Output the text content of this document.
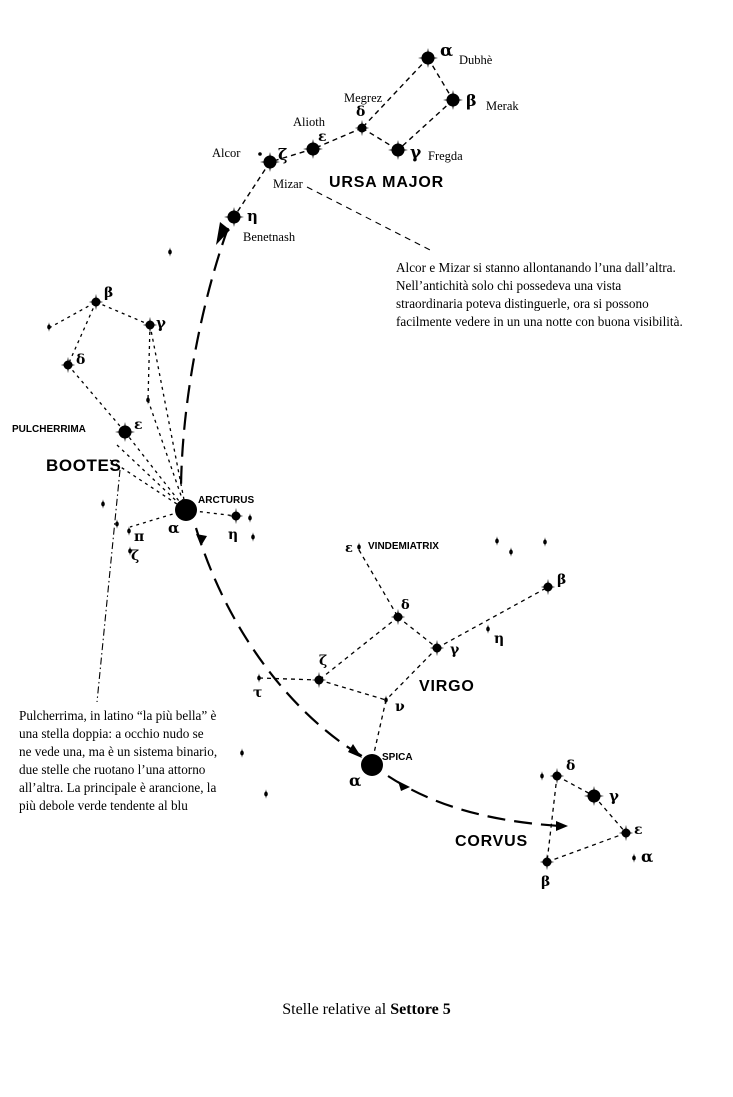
Dubhè
Merak
Megrez
Alioth
Alcor	Fregda
Mizar
Benetnash
PULCHERRIMA
ARCTURUS
VINDEMIATRIX
SPICA
URSA MAJOR
BOOTES
VIRGO
CORVUS
α
β
δ
ε
γ
ζ
η
β
γ
δ
ε
α	η
π
ζ	ε
δ
β
η
γ
ζ
τ
ν
α
δ
γ
ε
α
β

Alcor e Mizar si stanno allontanando l’una dall’altra. Nell’antichità solo chi possedeva una vista straordinaria poteva distinguerle, ora si possono facilmente vedere in un una notte con buona visibilità.

Pulcherrima, in latino “la più bella” è una stella doppia: a occhio nudo se ne vede una, ma è un sistema binario, due stelle che ruotano l’una attorno all’altra. La principale è arancione, la più debole verde tendente al blu

Stelle relative al Settore 5
